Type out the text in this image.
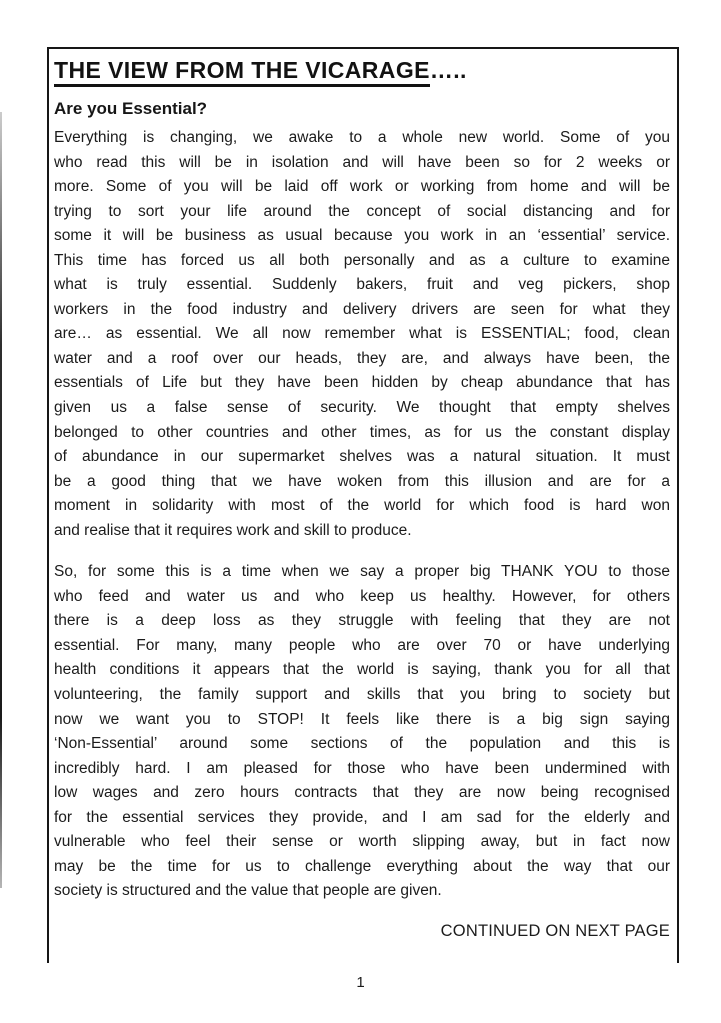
THE VIEW FROM THE VICARAGE…..
Are you Essential?
Everything is changing, we awake to a whole new world. Some of you
who read this will be in isolation and will have been so for 2 weeks or
more. Some of you will be laid off work or working from home and will be
trying to sort your life around the concept of social distancing and for
some it will be business as usual because you work in an ‘essential’ service.
This time has forced us all both personally and as a culture to examine
what is truly essential. Suddenly bakers, fruit and veg pickers, shop
workers in the food industry and delivery drivers are seen for what they
are… as essential. We all now remember what is ESSENTIAL; food, clean
water and a roof over our heads, they are, and always have been, the
essentials of Life but they have been hidden by cheap abundance that has
given us a false sense of security. We thought that empty shelves
belonged to other countries and other times, as for us the constant display
of abundance in our supermarket shelves was a natural situation. It must
be a good thing that we have woken from this illusion and are for a
moment in solidarity with most of the world for which food is hard won
and realise that it requires work and skill to produce.
So, for some this is a time when we say a proper big THANK YOU to those
who feed and water us and who keep us healthy. However, for others
there is a deep loss as they struggle with feeling that they are not
essential. For many, many people who are over 70 or have underlying
health conditions it appears that the world is saying, thank you for all that
volunteering, the family support and skills that you bring to society but
now we want you to STOP! It feels like there is a big sign saying
‘Non-Essential’ around some sections of the population and this is
incredibly hard. I am pleased for those who have been undermined with
low wages and zero hours contracts that they are now being recognised
for the essential services they provide, and I am sad for the elderly and
vulnerable who feel their sense or worth slipping away, but in fact now
may be the time for us to challenge everything about the way that our
society is structured and the value that people are given.
CONTINUED ON NEXT PAGE
1
